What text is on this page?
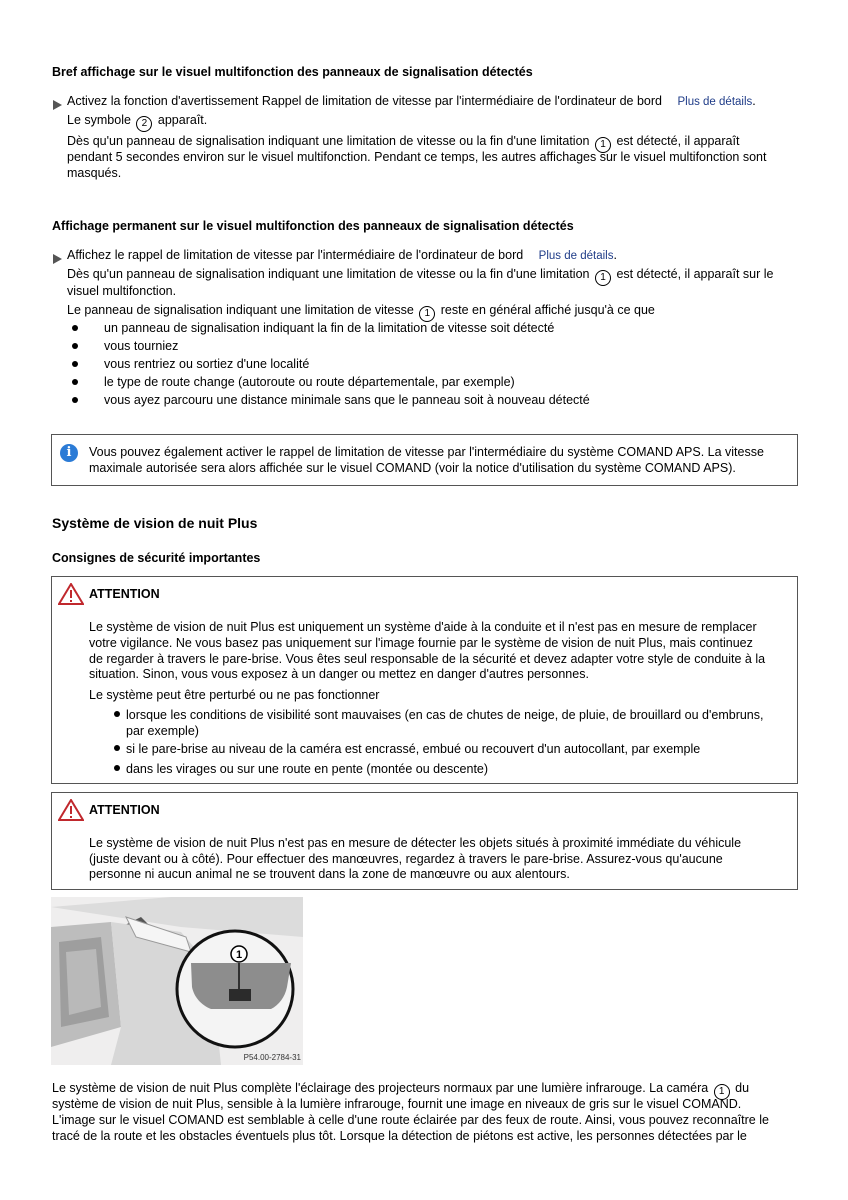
Bref affichage sur le visuel multifonction des panneaux de signalisation détectés
Activez la fonction d'avertissement Rappel de limitation de vitesse par l'intermédiaire de l'ordinateur de bord Plus de détails.
Le symbole 2 apparaît.
Dès qu'un panneau de signalisation indiquant une limitation de vitesse ou la fin d'une limitation 1 est détecté, il apparaît
pendant 5 secondes environ sur le visuel multifonction. Pendant ce temps, les autres affichages sur le visuel multifonction sont
masqués.
Affichage permanent sur le visuel multifonction des panneaux de signalisation détectés
Affichez le rappel de limitation de vitesse par l'intermédiaire de l'ordinateur de bord Plus de détails.
Dès qu'un panneau de signalisation indiquant une limitation de vitesse ou la fin d'une limitation 1 est détecté, il apparaît sur le
visuel multifonction.
Le panneau de signalisation indiquant une limitation de vitesse 1 reste en général affiché jusqu'à ce que
un panneau de signalisation indiquant la fin de la limitation de vitesse soit détecté
vous tourniez
vous rentriez ou sortiez d'une localité
le type de route change (autoroute ou route départementale, par exemple)
vous ayez parcouru une distance minimale sans que le panneau soit à nouveau détecté
i	Vous pouvez également activer le rappel de limitation de vitesse par l'intermédiaire du système COMAND APS. La vitesse
maximale autorisée sera alors affichée sur le visuel COMAND (voir la notice d'utilisation du système COMAND APS).
Système de vision de nuit Plus
Consignes de sécurité importantes
ATTENTION
Le système de vision de nuit Plus est uniquement un système d'aide à la conduite et il n'est pas en mesure de remplacer
votre vigilance. Ne vous basez pas uniquement sur l'image fournie par le système de vision de nuit Plus, mais continuez
de regarder à travers le pare-brise. Vous êtes seul responsable de la sécurité et devez adapter votre style de conduite à la
situation. Sinon, vous vous exposez à un danger ou mettez en danger d'autres personnes.
Le système peut être perturbé ou ne pas fonctionner
lorsque les conditions de visibilité sont mauvaises (en cas de chutes de neige, de pluie, de brouillard ou d'embruns,
par exemple)
si le pare-brise au niveau de la caméra est encrassé, embué ou recouvert d'un autocollant, par exemple
dans les virages ou sur une route en pente (montée ou descente)
ATTENTION
Le système de vision de nuit Plus n'est pas en mesure de détecter les objets situés à proximité immédiate du véhicule
(juste devant ou à côté). Pour effectuer des manœuvres, regardez à travers le pare-brise. Assurez-vous qu'aucune
personne ni aucun animal ne se trouvent dans la zone de manœuvre ou aux alentours.
1
P54.00-2784-31
Le système de vision de nuit Plus complète l'éclairage des projecteurs normaux par une lumière infrarouge. La caméra 1 du
système de vision de nuit Plus, sensible à la lumière infrarouge, fournit une image en niveaux de gris sur le visuel COMAND.
L'image sur le visuel COMAND est semblable à celle d'une route éclairée par des feux de route. Ainsi, vous pouvez reconnaître le
tracé de la route et les obstacles éventuels plus tôt. Lorsque la détection de piétons est active, les personnes détectées par le
